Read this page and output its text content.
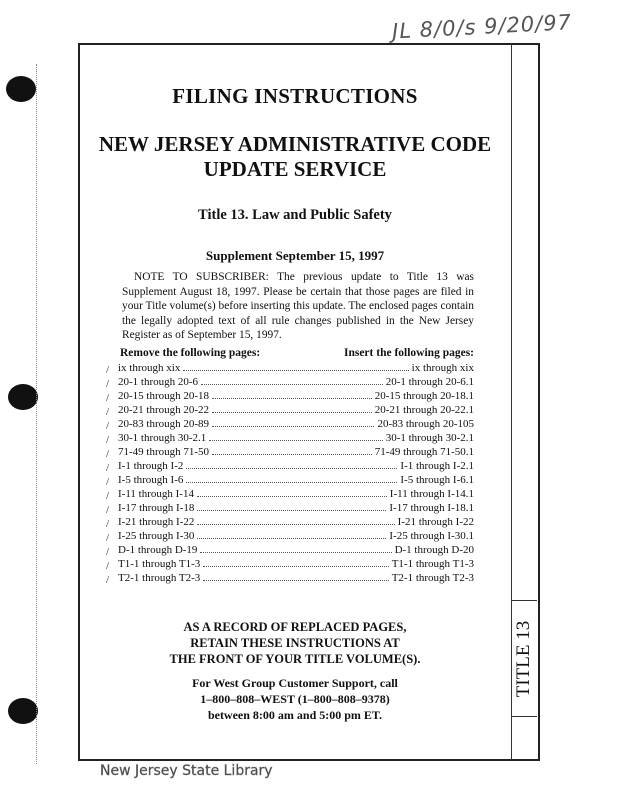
JL 8/0/s 9/20/97
TITLE 13
FILING INSTRUCTIONS
NEW JERSEY ADMINISTRATIVE CODE
UPDATE SERVICE
Title 13. Law and Public Safety
Supplement September 15, 1997
NOTE TO SUBSCRIBER: The previous update to Title 13 was Supplement August 18, 1997. Please be certain that those pages are filed in your Title volume(s) before inserting this update. The enclosed pages contain the legally adopted text of all rule changes published in the New Jersey Register as of September 15, 1997.
Remove the following pages:	Insert the following pages:
/
/
/
/
/
/
/
/
/
/
/
/
/
/
/
/
ix through xix	ix through xix
20-1 through 20-6	20-1 through 20-6.1
20-15 through 20-18	20-15 through 20-18.1
20-21 through 20-22	20-21 through 20-22.1
20-83 through 20-89	20-83 through 20-105
30-1 through 30-2.1	30-1 through 30-2.1
71-49 through 71-50	71-49 through 71-50.1
I-1 through I-2	I-1 through I-2.1
I-5 through I-6	I-5 through I-6.1
I-11 through I-14	I-11 through I-14.1
I-17 through I-18	I-17 through I-18.1
I-21 through I-22	I-21 through I-22
I-25 through I-30	I-25 through I-30.1
D-1 through D-19	D-1 through D-20
T1-1 through T1-3	T1-1 through T1-3
T2-1 through T2-3	T2-1 through T2-3
AS A RECORD OF REPLACED PAGES,
RETAIN THESE INSTRUCTIONS AT
THE FRONT OF YOUR TITLE VOLUME(S).
For West Group Customer Support, call
1–800–808–WEST (1–800–808–9378)
between 8:00 am and 5:00 pm ET.
New Jersey State Library
